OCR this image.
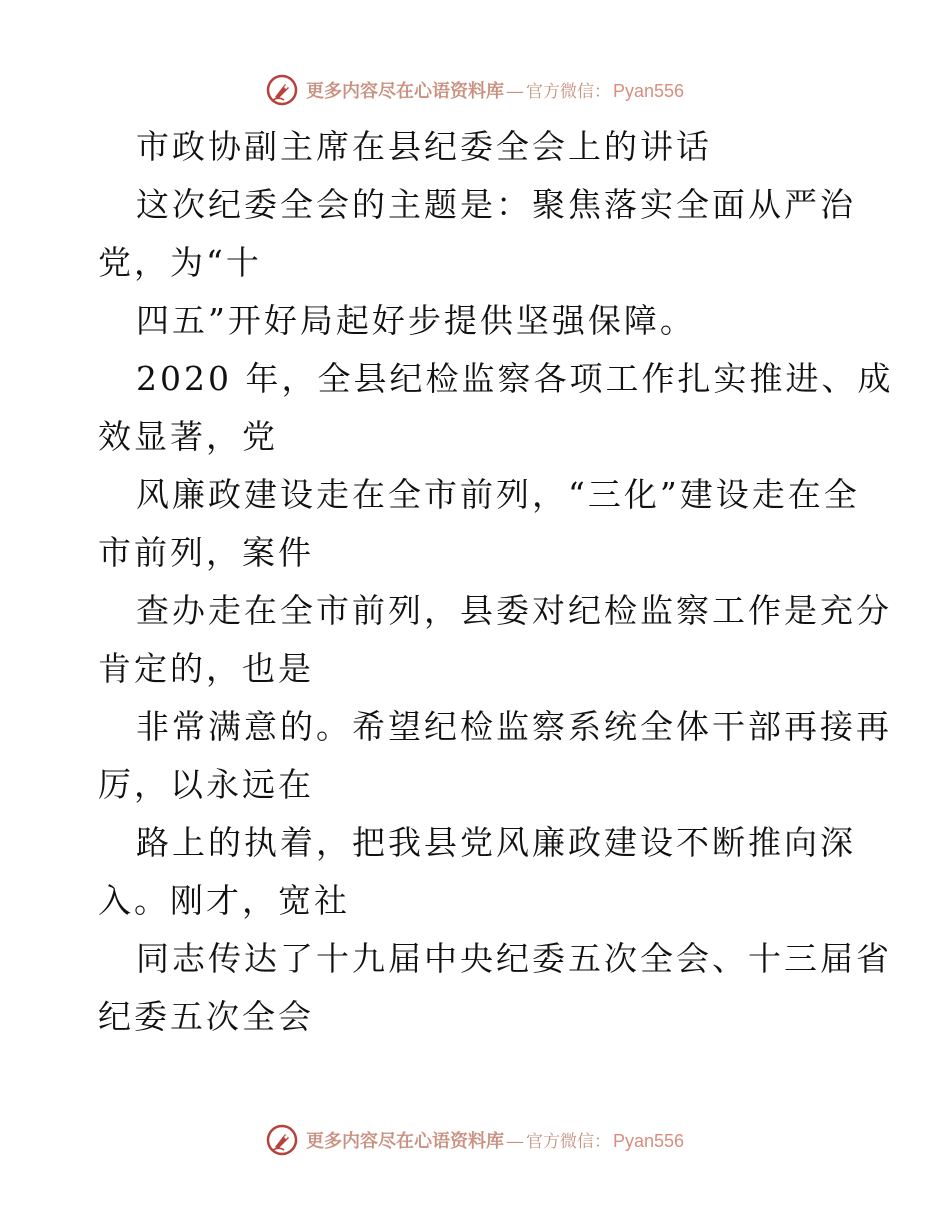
更多内容尽在心语资料库 — 官方微信： Pyan556
市政协副主席在县纪委全会上的讲话
这次纪委全会的主题是：聚焦落实全面从严治
党，为“十
四五”开好局起好步提供坚强保障。
2020 年，全县纪检监察各项工作扎实推进、成
效显著，党
风廉政建设走在全市前列，“三化”建设走在全
市前列，案件
查办走在全市前列，县委对纪检监察工作是充分
肯定的，也是
非常满意的。希望纪检监察系统全体干部再接再
厉，以永远在
路上的执着，把我县党风廉政建设不断推向深
入。刚才，宽社
同志传达了十九届中央纪委五次全会、十三届省
纪委五次全会
更多内容尽在心语资料库 — 官方微信： Pyan556
